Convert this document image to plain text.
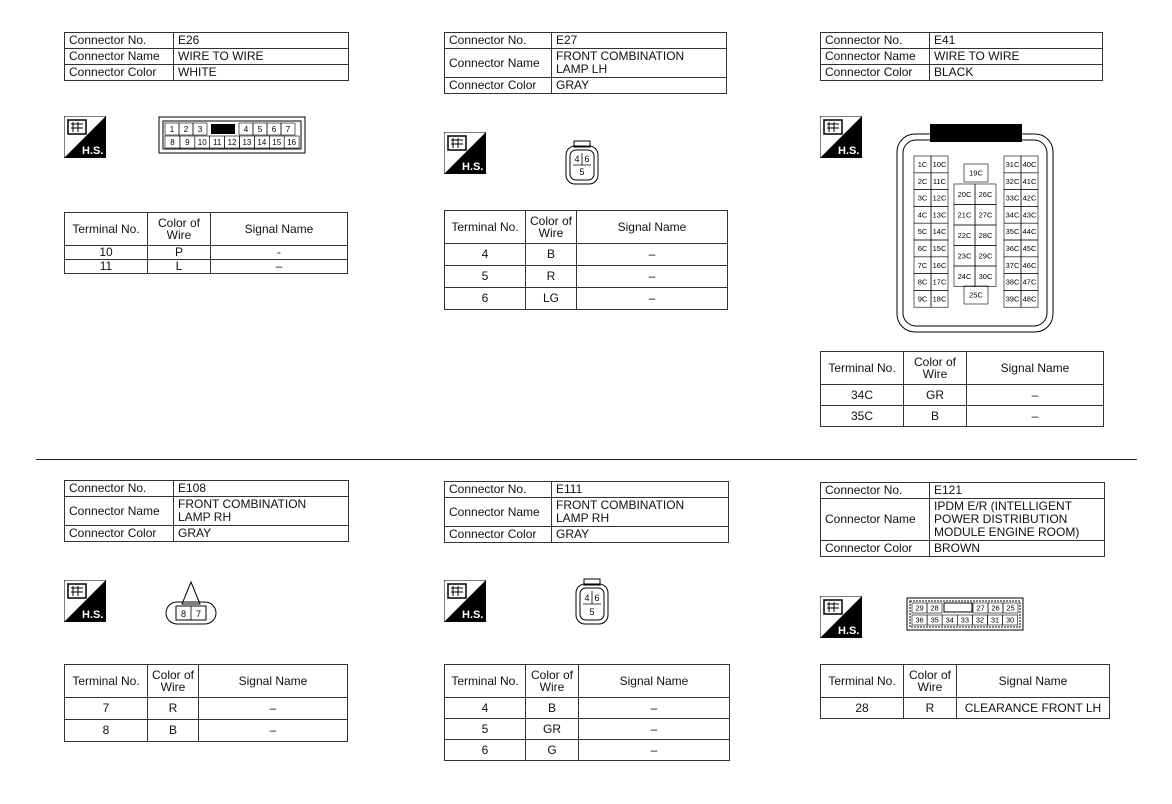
Connector No.	E26
Connector Name	WIRE TO WIRE
Connector Color	WHITE
H.S.
1 2 3	4 5 6 7
8 9 10 11 12 13 14 15 16
Terminal No.	Color of Wire	Signal Name
10	P	-
11	L	–
Connector No.	E27
Connector Name	FRONT COMBINATION
LAMP LH
Connector Color	GRAY
H.S.
4 6
5
Terminal No.	Color of Wire	Signal Name
4	B	–
5	R	–
6	LG	–
Connector No.	E41
Connector Name	WIRE TO WIRE
Connector Color	BLACK
H.S.
1C 10C
2C 11C
3C 12C
4C 13C
5C 14C
6C 15C
7C 16C
8C 17C
9C 18C
19C
20C 26C
21C 27C
22C 28C
23C 29C
24C 30C
25C
31C 40C
32C 41C
33C 42C
34C 43C
35C 44C
36C 45C
37C 46C
38C 47C
39C 48C
Terminal No.	Color of Wire	Signal Name
34C	GR	–
35C	B	–
Connector No.	E108
Connector Name	FRONT COMBINATION
LAMP RH
Connector Color	GRAY
H.S.	8 7
Terminal No.	Color of Wire	Signal Name
7	R	–
8	B	–
Connector No.	E111
Connector Name	FRONT COMBINATION
LAMP RH
Connector Color	GRAY
H.S.
4 6
5
Terminal No.	Color of Wire	Signal Name
4	B	–
5	GR	–
6	G	–
Connector No.	E121
Connector Name	IPDM E/R (INTELLIGENT
POWER DISTRIBUTION
MODULE ENGINE ROOM)
Connector Color	BROWN
H.S.
29 28	27 26 25
36 35 34 33 32 31 30
Terminal No.	Color of Wire	Signal Name
28	R	CLEARANCE FRONT LH
